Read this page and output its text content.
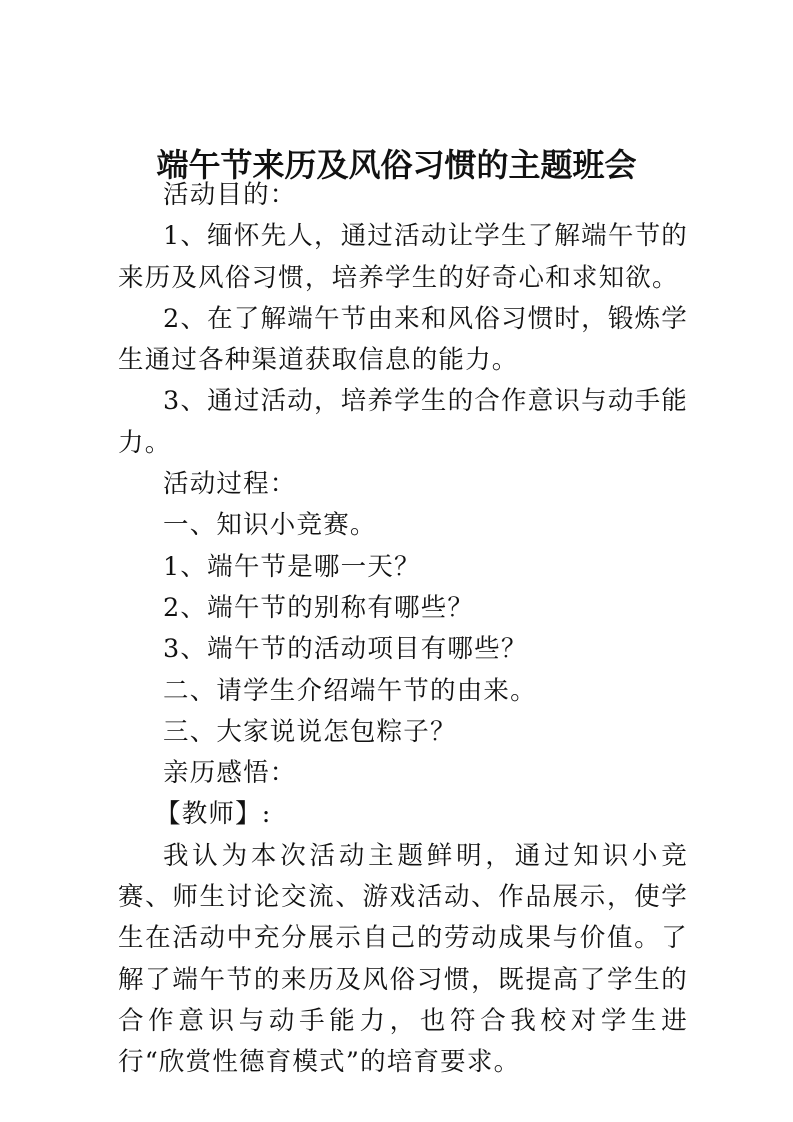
端午节来历及风俗习惯的主题班会

活动目的：

1、缅怀先人，通过活动让学生了解端午节的来历及风俗习惯，培养学生的好奇心和求知欲。

2、在了解端午节由来和风俗习惯时，锻炼学生通过各种渠道获取信息的能力。

3、通过活动，培养学生的合作意识与动手能力。

活动过程：

一、知识小竞赛。

1、端午节是哪一天？

2、端午节的别称有哪些？

3、端午节的活动项目有哪些？

二、请学生介绍端午节的由来。

三、大家说说怎包粽子？

亲历感悟：

【教师】:

我认为本次活动主题鲜明，通过知识小竞赛、师生讨论交流、游戏活动、作品展示，使学生在活动中充分展示自己的劳动成果与价值。了解了端午节的来历及风俗习惯，既提高了学生的合作意识与动手能力，也符合我校对学生进行“欣赏性德育模式”的培育要求。
